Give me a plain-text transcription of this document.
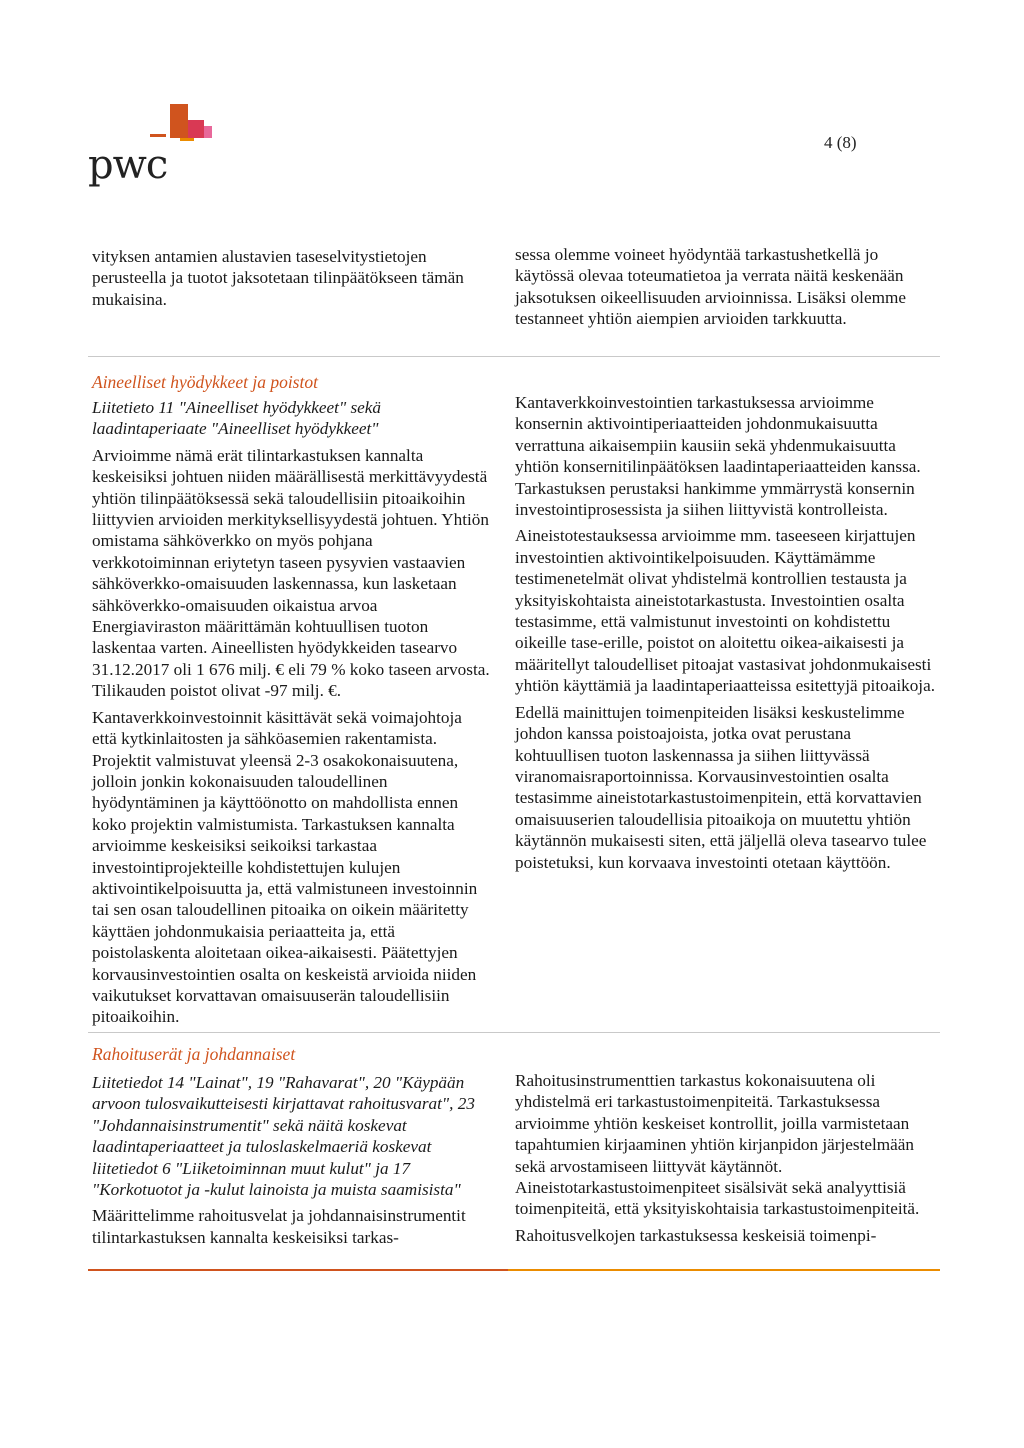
pwc	4 (8)

vityksen antamien alustavien taseselvitystietojen perusteella ja tuotot jaksotetaan tilinpäätökseen tämän mukaisina.

sessa olemme voineet hyödyntää tarkastushetkellä jo käytössä olevaa toteumatietoa ja verrata näitä keskenään jaksotuksen oikeellisuuden arvioinnissa. Lisäksi olemme testanneet yhtiön aiempien arvioiden tarkkuutta.

Aineelliset hyödykkeet ja poistot

Liitetieto 11 "Aineelliset hyödykkeet" sekä laadintaperiaate "Aineelliset hyödykkeet"

Arvioimme nämä erät tilintarkastuksen kannalta keskeisiksi johtuen niiden määrällisestä merkittävyydestä yhtiön tilinpäätöksessä sekä taloudellisiin pitoaikoihin liittyvien arvioiden merkityksellisyydestä johtuen. Yhtiön omistama sähköverkko on myös pohjana verkkotoiminnan eriytetyn taseen pysyvien vastaavien sähköverkko-omaisuuden laskennassa, kun lasketaan sähköverkko-omaisuuden oikaistua arvoa Energiaviraston määrittämän kohtuullisen tuoton laskentaa varten. Aineellisten hyödykkeiden tasearvo 31.12.2017 oli 1 676 milj. € eli 79 % koko taseen arvosta. Tilikauden poistot olivat -97 milj. €.

Kantaverkkoinvestoinnit käsittävät sekä voimajohtoja että kytkinlaitosten ja sähköasemien rakentamista. Projektit valmistuvat yleensä 2-3 osakokonaisuutena, jolloin jonkin kokonaisuuden taloudellinen hyödyntäminen ja käyttöönotto on mahdollista ennen koko projektin valmistumista. Tarkastuksen kannalta arvioimme keskeisiksi seikoiksi tarkastaa investointiprojekteille kohdistettujen kulujen aktivointikelpoisuutta ja, että valmistuneen investoinnin tai sen osan taloudellinen pitoaika on oikein määritetty käyttäen johdonmukaisia periaatteita ja, että poistolaskenta aloitetaan oikea-aikaisesti. Päätettyjen korvausinvestointien osalta on keskeistä arvioida niiden vaikutukset korvattavan omaisuuserän taloudellisiin pitoaikoihin.

Kantaverkkoinvestointien tarkastuksessa arvioimme konsernin aktivointiperiaatteiden johdonmukaisuutta verrattuna aikaisempiin kausiin sekä yhdenmukaisuutta yhtiön konsernitilinpäätöksen laadintaperiaatteiden kanssa. Tarkastuksen perustaksi hankimme ymmärrystä konsernin investointiprosessista ja siihen liittyvistä kontrolleista.

Aineistotestauksessa arvioimme mm. taseeseen kirjattujen investointien aktivointikelpoisuuden. Käyttämämme testimenetelmät olivat yhdistelmä kontrollien testausta ja yksityiskohtaista aineistotarkastusta. Investointien osalta testasimme, että valmistunut investointi on kohdistettu oikeille tase-erille, poistot on aloitettu oikea-aikaisesti ja määritellyt taloudelliset pitoajat vastasivat johdonmukaisesti yhtiön käyttämiä ja laadintaperiaatteissa esitettyjä pitoaikoja.

Edellä mainittujen toimenpiteiden lisäksi keskustelimme johdon kanssa poistoajoista, jotka ovat perustana kohtuullisen tuoton laskennassa ja siihen liittyvässä viranomaisraportoinnissa. Korvausinvestointien osalta testasimme aineistotarkastustoimenpitein, että korvattavien omaisuuserien taloudellisia pitoaikoja on muutettu yhtiön käytännön mukaisesti siten, että jäljellä oleva tasearvo tulee poistetuksi, kun korvaava investointi otetaan käyttöön.

Rahoituserät ja johdannaiset

Liitetiedot 14 "Lainat", 19 "Rahavarat", 20 "Käypään arvoon tulosvaikutteisesti kirjattavat rahoitusvarat", 23 "Johdannaisinstrumentit" sekä näitä koskevat laadintaperiaatteet ja tuloslaskelmaeriä koskevat liitetiedot 6 "Liiketoiminnan muut kulut" ja 17 "Korkotuotot ja -kulut lainoista ja muista saamisista"

Määrittelimme rahoitusvelat ja johdannaisinstrumentit tilintarkastuksen kannalta keskeisiksi tarkas-

Rahoitusinstrumenttien tarkastus kokonaisuutena oli yhdistelmä eri tarkastustoimenpiteitä. Tarkastuksessa arvioimme yhtiön keskeiset kontrollit, joilla varmistetaan tapahtumien kirjaaminen yhtiön kirjanpidon järjestelmään sekä arvostamiseen liittyvät käytännöt. Aineistotarkastustoimenpiteet sisälsivät sekä analyyttisiä toimenpiteitä, että yksityiskohtaisia tarkastustoimenpiteitä.

Rahoitusvelkojen tarkastuksessa keskeisiä toimenpi-
